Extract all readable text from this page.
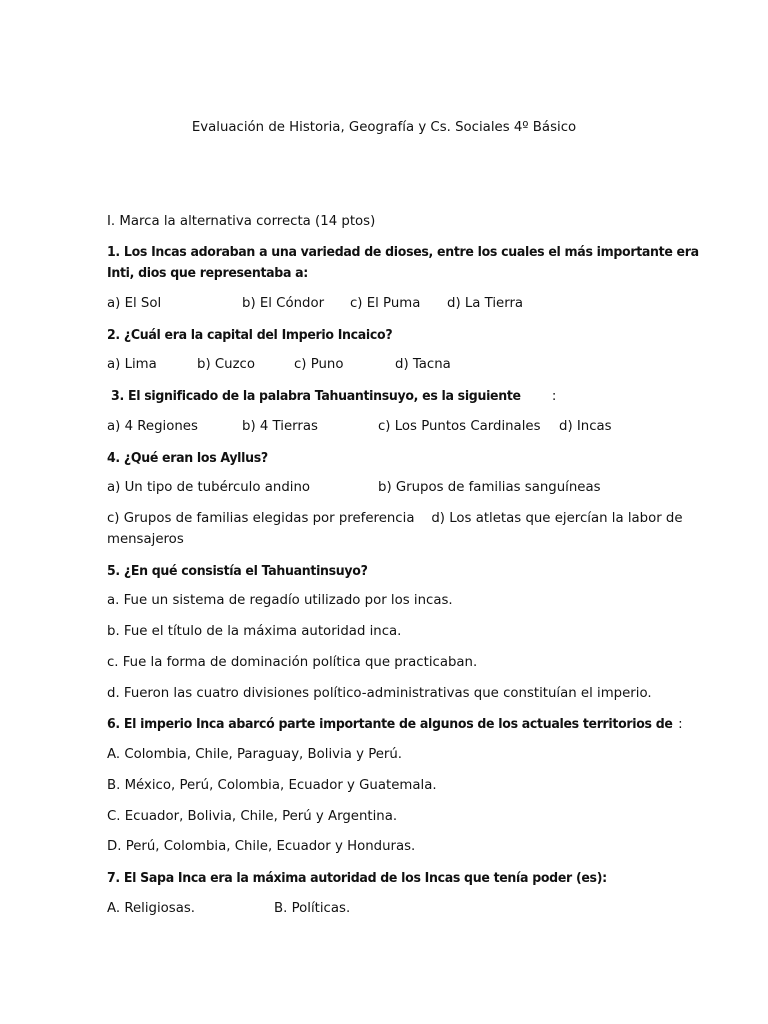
Evaluación de Historia, Geografía y Cs. Sociales 4º Básico
I. Marca la alternativa correcta (14 ptos)
1. Los Incas adoraban a una variedad de dioses, entre los cuales el más importante era
Inti, dios que representaba a:
a) El Sol	b) El Cóndor c) El Puma d) La Tierra
2. ¿Cuál era la capital del Imperio Incaico?
a) Lima	b) Cuzco	c) Puno	d) Tacna
3. El significado de la palabra Tahuantinsuyo, es la siguiente :
a) 4 Regiones	b) 4 Tierras	c) Los Puntos Cardinales d) Incas
4. ¿Qué eran los Ayllus?
a) Un tipo de tubérculo andino	b) Grupos de familias sanguíneas
c) Grupos de familias elegidas por preferencia    d) Los atletas que ejercían la labor de
mensajeros
5. ¿En qué consistía el Tahuantinsuyo?
a. Fue un sistema de regadío utilizado por los incas.
b. Fue el título de la máxima autoridad inca.
c. Fue la forma de dominación política que practicaban.
d. Fueron las cuatro divisiones político-administrativas que constituían el imperio.
6. El imperio Inca abarcó parte importante de algunos de los actuales territorios de :
A. Colombia, Chile, Paraguay, Bolivia y Perú.
B. México, Perú, Colombia, Ecuador y Guatemala.
C. Ecuador, Bolivia, Chile, Perú y Argentina.
D. Perú, Colombia, Chile, Ecuador y Honduras.
7. El Sapa Inca era la máxima autoridad de los Incas que tenía poder (es):
A. Religiosas.	B. Políticas.
